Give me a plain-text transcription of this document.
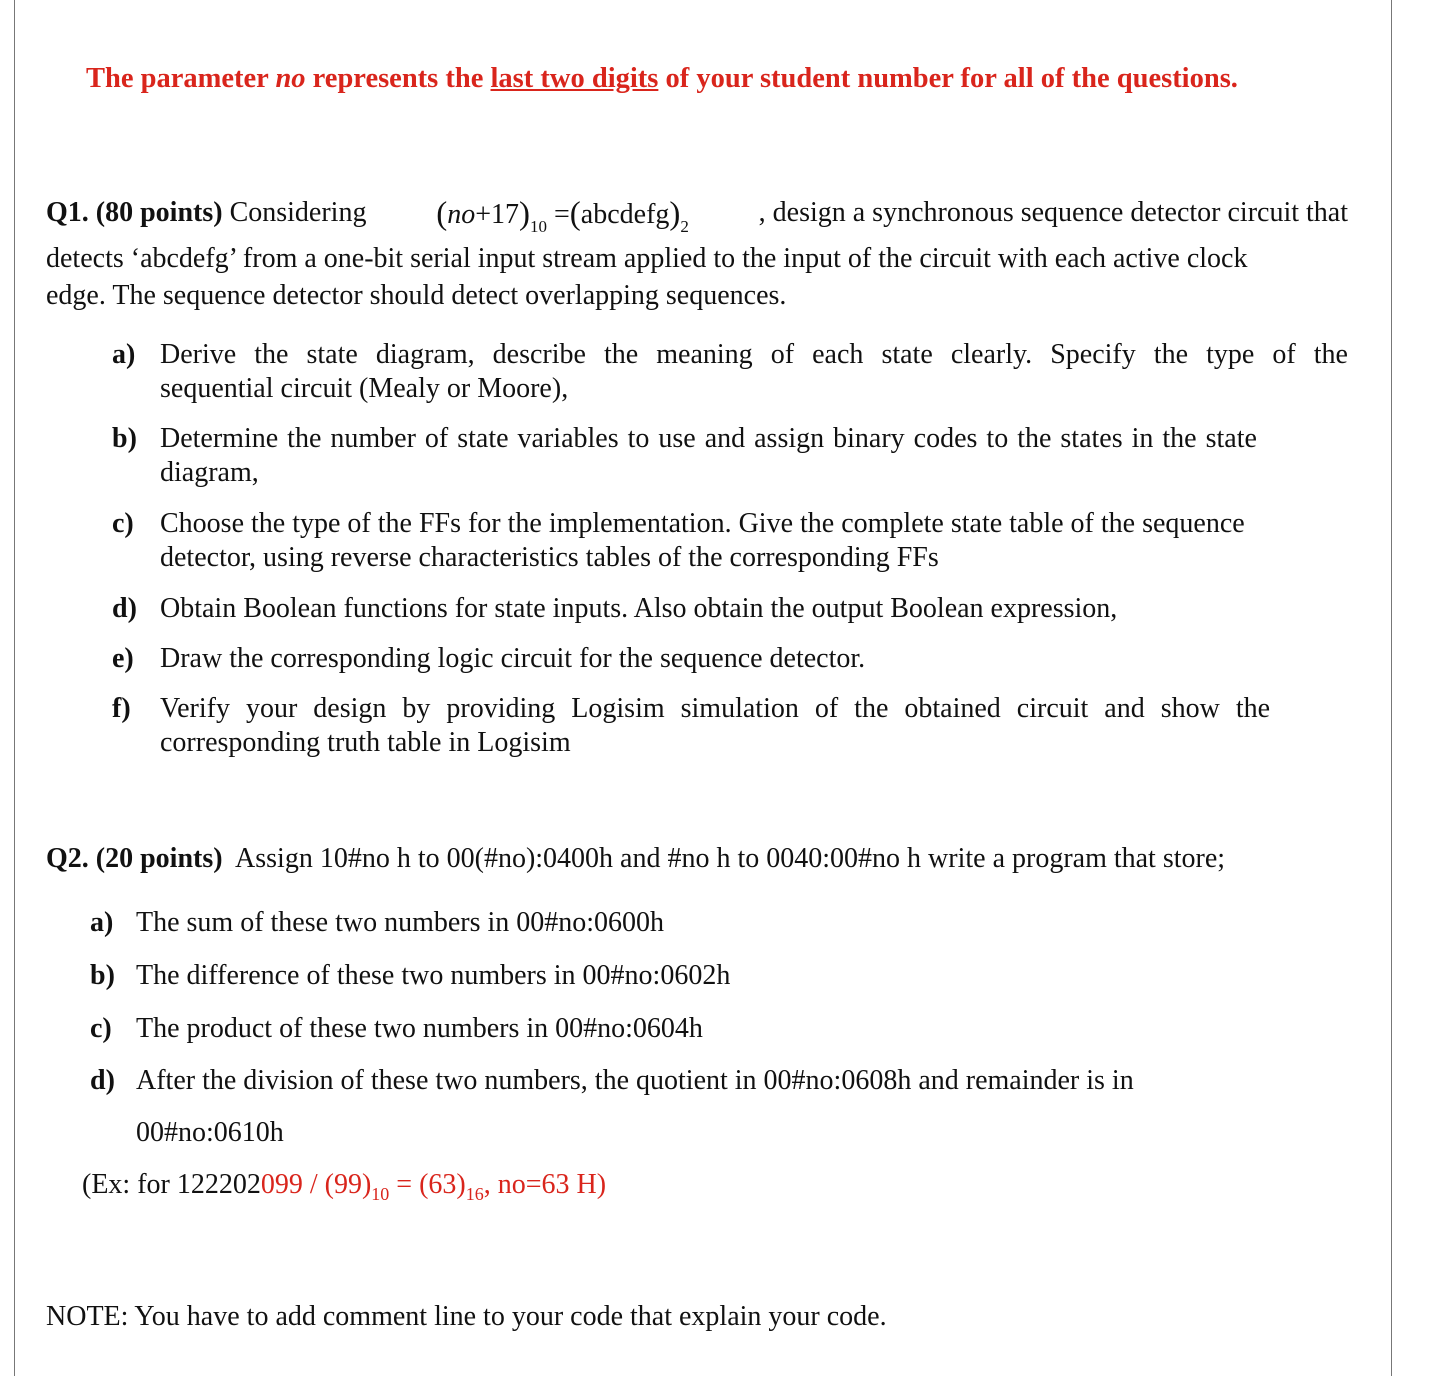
The parameter no represents the last two digits of your student number for all of the questions.
Q1. (80 points) Considering $(no+17)_{10}$ $=(abcdefg)_2$ , design a synchronous sequence detector circuit that
detects ‘abcdefg’ from a one-bit serial input stream applied to the input of the circuit with each active clock
edge. The sequence detector should detect overlapping sequences.
a) Derive the state diagram, describe the meaning of each state clearly. Specify the type of the
sequential circuit (Mealy or Moore),
b) Determine the number of state variables to use and assign binary codes to the states in the state
diagram,
c) Choose the type of the FFs for the implementation. Give the complete state table of the sequence
detector, using reverse characteristics tables of the corresponding FFs
d) Obtain Boolean functions for state inputs. Also obtain the output Boolean expression,
e) Draw the corresponding logic circuit for the sequence detector.
f) Verify your design by providing Logisim simulation of the obtained circuit and show the
corresponding truth table in Logisim
Q2. (20 points) Assign 10#no h to 00(#no):0400h and #no h to 0040:00#no h write a program that store;
a) The sum of these two numbers in 00#no:0600h
b) The difference of these two numbers in 00#no:0602h
c) The product of these two numbers in 00#no:0604h
d) After the division of these two numbers, the quotient in 00#no:0608h and remainder is in
00#no:0610h
(Ex: for $122202099 / (99)_{10} = (63)_{16}$, no=63 H)
NOTE: You have to add comment line to your code that explain your code.
